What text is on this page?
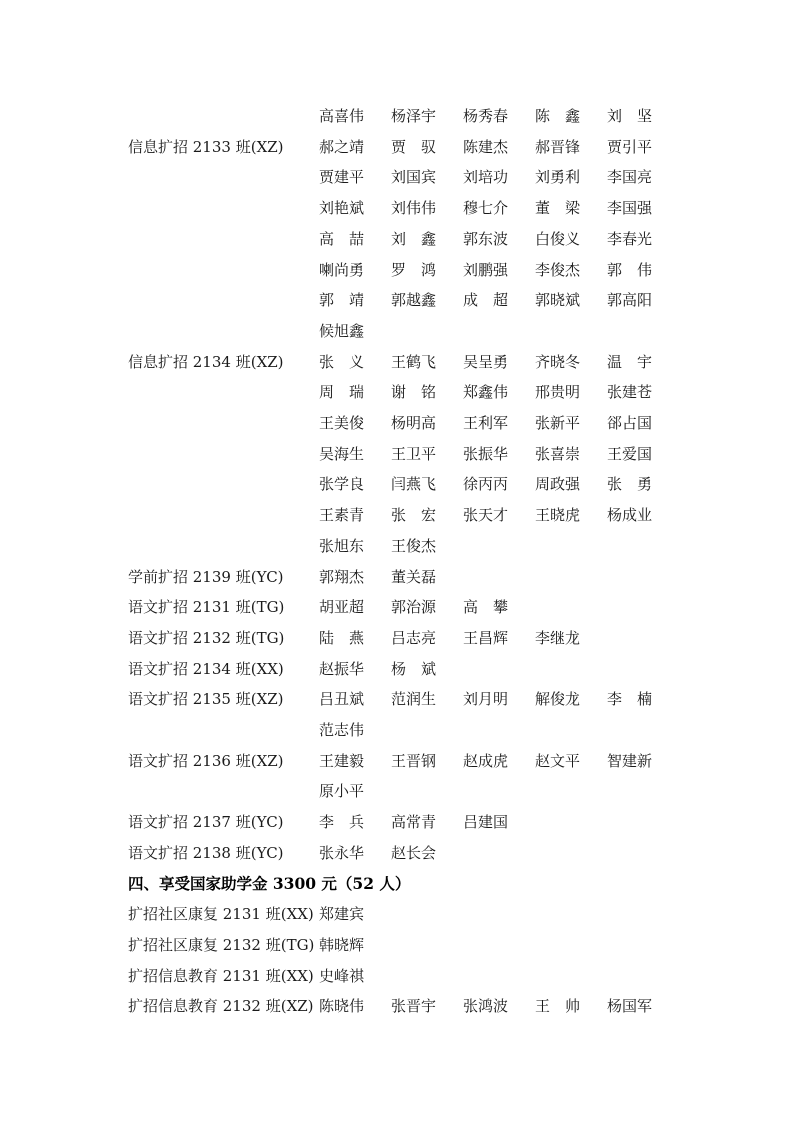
高喜伟 杨泽宇 杨秀春 陈　鑫 刘　坚
信息扩招 2133 班(XZ) 郝之靖 贾　驭 陈建杰 郝晋锋 贾引平
贾建平 刘国宾 刘培功 刘勇利 李国亮
刘艳斌 刘伟伟 穆七介 董　梁 李国强
高　喆 刘　鑫 郭东波 白俊义 李春光
喇尚勇 罗　鸿 刘鹏强 李俊杰 郭　伟
郭　靖 郭越鑫 成　超 郭晓斌 郭高阳
候旭鑫
信息扩招 2134 班(XZ) 张　义 王鹤飞 吴呈勇 齐晓冬 温　宇
周　瑞 谢　铭 郑鑫伟 邢贵明 张建苍
王美俊 杨明高 王利军 张新平 郤占国
吴海生 王卫平 张振华 张喜崇 王爱国
张学良 闫燕飞 徐丙丙 周政强 张　勇
王素青 张　宏 张天才 王晓虎 杨成业
张旭东 王俊杰
学前扩招 2139 班(YC) 郭翔杰 董关磊
语文扩招 2131 班(TG) 胡亚超 郭治源 高　攀
语文扩招 2132 班(TG) 陆　燕 吕志亮 王昌辉 李继龙
语文扩招 2134 班(XX) 赵振华 杨　斌
语文扩招 2135 班(XZ) 吕丑斌 范润生 刘月明 解俊龙 李　楠
范志伟
语文扩招 2136 班(XZ) 王建毅 王晋钢 赵成虎 赵文平 智建新
原小平
语文扩招 2137 班(YC) 李　兵 高常青 吕建国
语文扩招 2138 班(YC) 张永华 赵长会
四、享受国家助学金 3300 元（52 人）
扩招社区康复 2131 班(XX) 郑建宾
扩招社区康复 2132 班(TG) 韩晓辉
扩招信息教育 2131 班(XX) 史峰祺
扩招信息教育 2132 班(XZ) 陈晓伟 张晋宇 张鸿波 王　帅 杨国军
